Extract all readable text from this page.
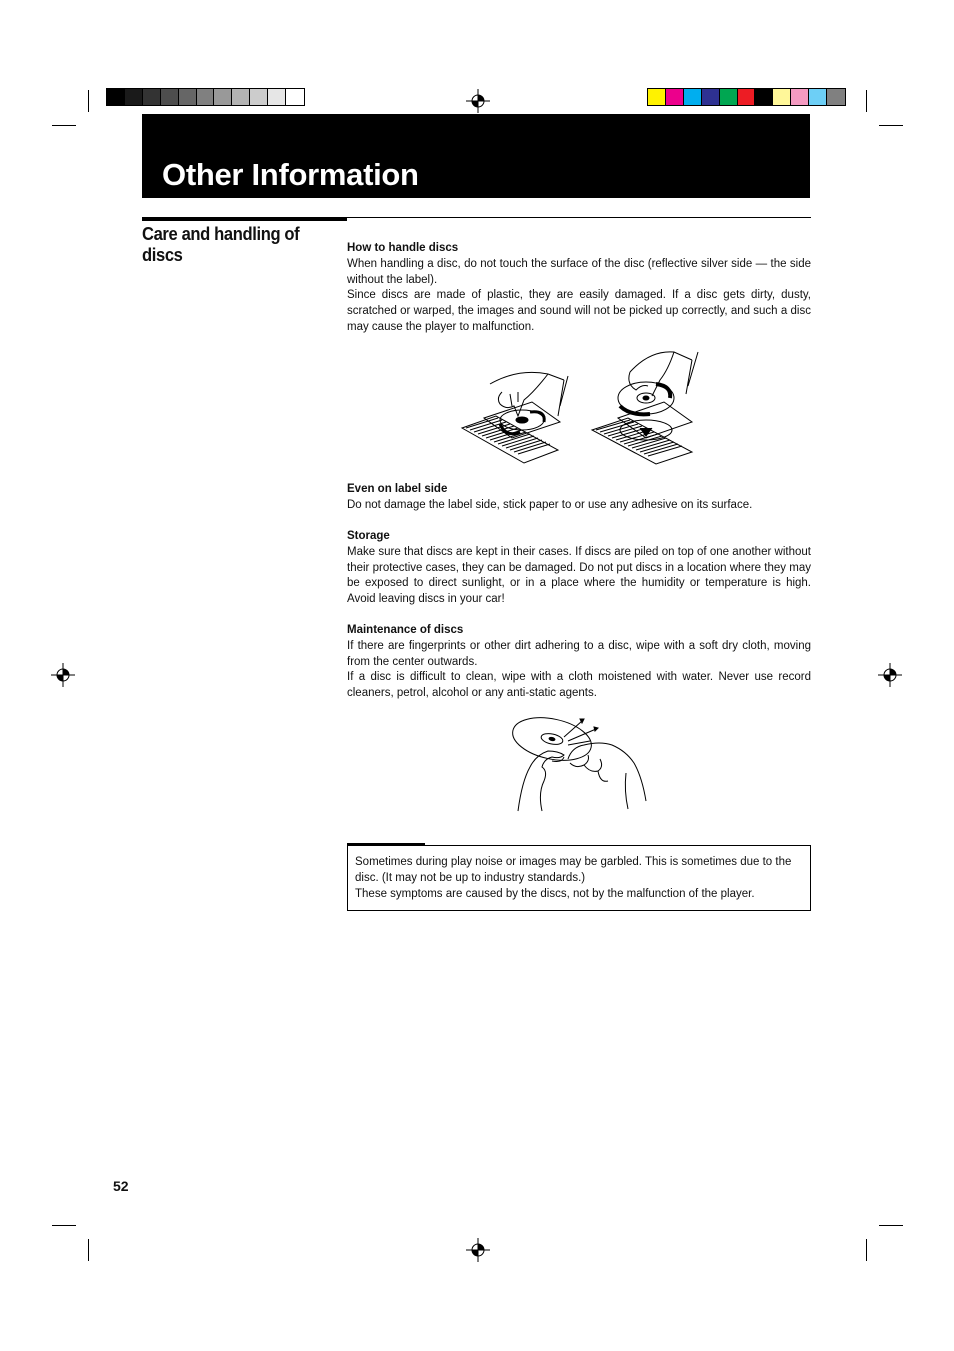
Other Information
Care and handling of discs	How to handle discs

When handling a disc, do not touch the surface of the disc (reflective silver side — the side without the label).

Since discs are made of plastic, they are easily damaged. If a disc gets dirty, dusty, scratched or warped, the images and sound will not be picked up correctly, and such a disc may cause the player to malfunction.

Even on label side

Do not damage the label side, stick paper to or use any adhesive on its surface.

Storage

Make sure that discs are kept in their cases. If discs are piled on top of one another without their protective cases, they can be damaged. Do not put discs in a location where they may be exposed to direct sunlight, or in a place where the humidity or temperature is high. Avoid leaving discs in your car!

Maintenance of discs

If there are fingerprints or other dirt adhering to a disc, wipe with a soft dry cloth, moving from the center outwards.

If a disc is difficult to clean, wipe with a cloth moistened with water. Never use record cleaners, petrol, alcohol or any anti-static agents.

Sometimes during play noise or images may be garbled. This is sometimes due to the disc. (It may not be up to industry standards.)

These symptoms are caused by the discs, not by the malfunction of the player.

52
